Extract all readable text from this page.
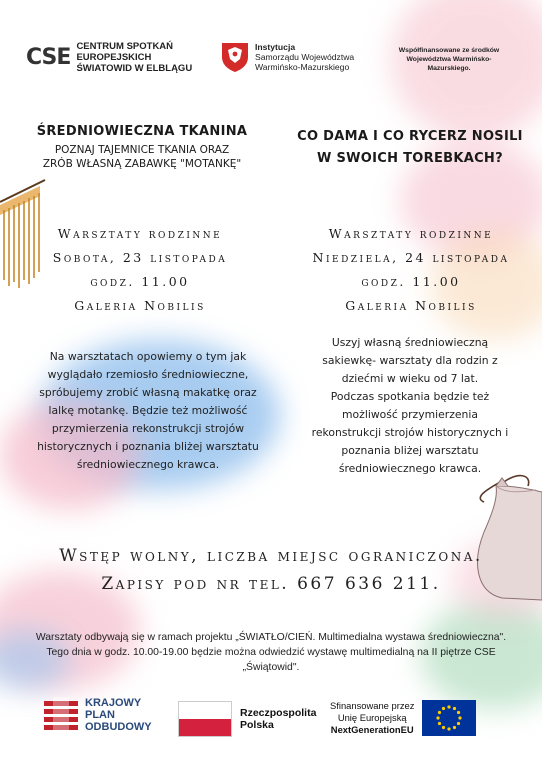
CSE CENTRUM SPOTKAŃ
EUROPEJSKICH
ŚWIATOWID W ELBLĄGU
Instytucja
Samorządu Województwa
Warmińsko-Mazurskiego
Współfinansowane ze środków
Województwa Warmińsko-
Mazurskiego.
ŚREDNIOWIECZNA TKANINA
POZNAJ TAJEMNICE TKANIA ORAZ
ZRÓB WŁASNĄ ZABAWKĘ "MOTANKĘ"
Warsztaty rodzinne
Sobota, 23 listopada
godz. 11.00
Galeria Nobilis
Na warsztatach opowiemy o tym jak
wyglądało rzemiosło średniowieczne,
spróbujemy zrobić własną makatkę oraz
lalkę motankę. Będzie też możliwość
przymierzenia rekonstrukcji strojów
historycznych i poznania bliżej warsztatu
średniowiecznego krawca.
CO DAMA I CO RYCERZ NOSILI
W SWOICH TOREBKACH?
Warsztaty rodzinne
Niedziela, 24 listopada
godz. 11.00
Galeria Nobilis
Uszyj własną średniowieczną
sakiewkę- warsztaty dla rodzin z
dziećmi w wieku od 7 lat.
Podczas spotkania będzie też
możliwość przymierzenia
rekonstrukcji strojów historycznych i
poznania bliżej warsztatu
średniowiecznego krawca.
Wstęp wolny, liczba miejsc ograniczona.
Zapisy pod nr tel. 667 636 211.
Warsztaty odbywają się w ramach projektu „ŚWIATŁO/CIEŃ. Multimedialna wystawa średniowieczna".
Tego dnia w godz. 10.00-19.00 będzie można odwiedzić wystawę multimedialną na II piętrze CSE
„Świątowid".
KRAJOWY
PLAN
ODBUDOWY
Rzeczpospolita
Polska
Sfinansowane przez
Unię Europejską
NextGenerationEU
